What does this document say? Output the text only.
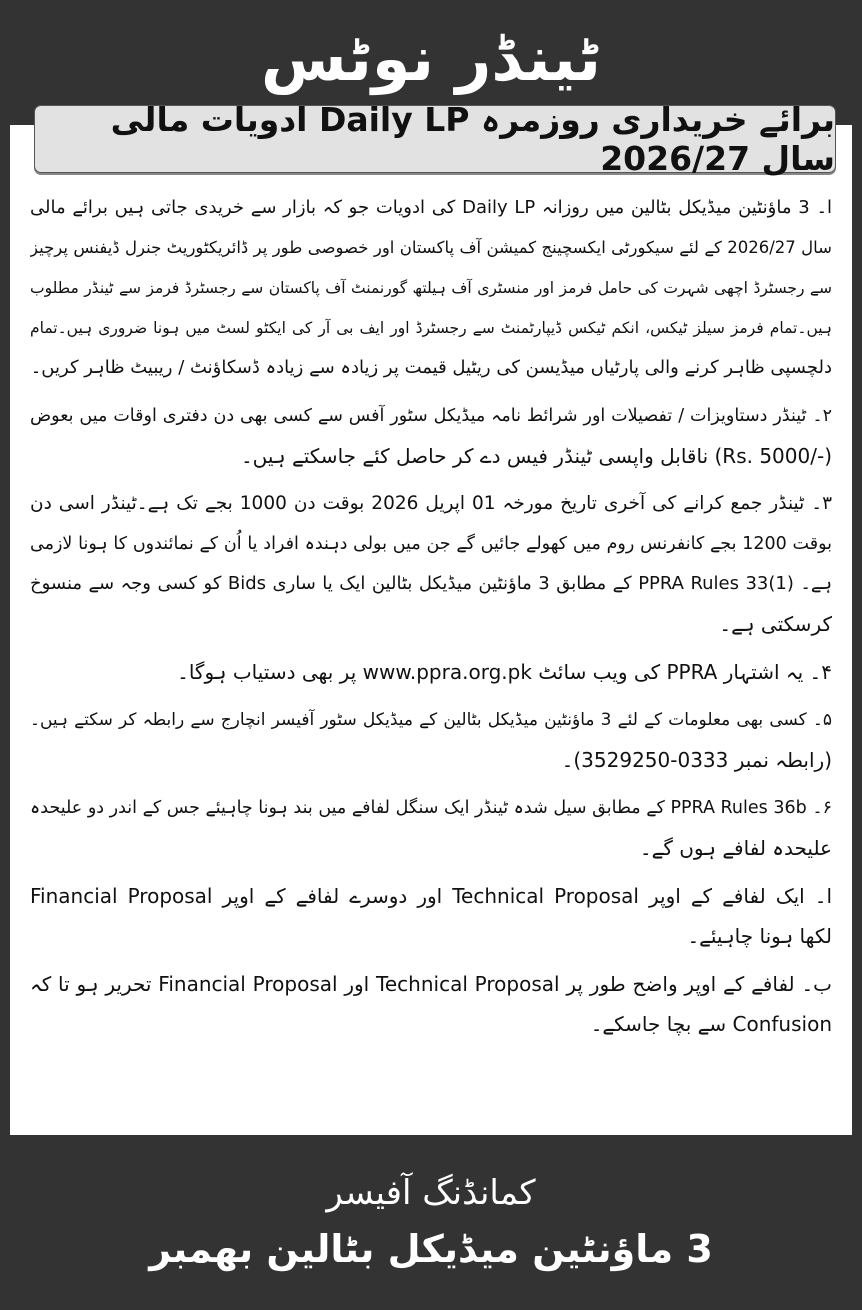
ٹینڈر نوٹس
برائے خریداری روزمرہ Daily LP ادویات مالی سال 2026/27
ا۔ 3 ماؤنٹین میڈیکل بٹالین میں روزانہ Daily LP کی ادویات جو کہ بازار سے خریدی جاتی ہیں برائے مالی
سال 2026/27 کے لئے سیکورٹی ایکسچینج کمیشن آف پاکستان اور خصوصی طور پر ڈائریکٹوریٹ جنرل ڈیفنس پرچیز
سے رجسٹرڈ اچھی شہرت کی حامل فرمز اور منسٹری آف ہیلتھ گورنمنٹ آف پاکستان سے رجسٹرڈ فرمز سے ٹینڈر مطلوب
ہیں۔تمام فرمز سیلز ٹیکس، انکم ٹیکس ڈیپارٹمنٹ سے رجسٹرڈ اور ایف بی آر کی ایکٹو لسٹ میں ہونا ضروری ہیں۔تمام
دلچسپی ظاہر کرنے والی پارٹیاں میڈیسن کی ریٹیل قیمت پر زیادہ سے زیادہ ڈسکاؤنٹ / ریبیٹ ظاہر کریں۔
۲۔ ٹینڈر دستاویزات / تفصیلات اور شرائط نامہ میڈیکل سٹور آفس سے کسی بھی دن دفتری اوقات میں بعوض
⁦(Rs. 5000/-)⁩ ناقابل واپسی ٹینڈر فیس دے کر حاصل کئے جاسکتے ہیں۔
۳۔ ٹینڈر جمع کرانے کی آخری تاریخ مورخہ 01 اپریل 2026 بوقت دن 1000 بجے تک ہے۔ٹینڈر اسی دن
بوقت 1200 بجے کانفرنس روم میں کھولے جائیں گے جن میں بولی دہندہ افراد یا اُن کے نمائندوں کا ہونا لازمی
ہے۔ ⁦PPRA Rules 33(1)⁩ کے مطابق 3 ماؤنٹین میڈیکل بٹالین ایک یا ساری Bids کو کسی وجہ سے منسوخ
کرسکتی ہے۔
۴۔ یہ اشتہار PPRA کی ویب سائٹ www.ppra.org.pk پر بھی دستیاب ہوگا۔
۵۔ کسی بھی معلومات کے لئے 3 ماؤنٹین میڈیکل بٹالین کے میڈیکل سٹور آفیسر انچارج سے رابطہ کر سکتے ہیں۔
(رابطہ نمبر 0333-3529250)۔
۶۔ ⁦PPRA Rules 36b⁩ کے مطابق سیل شدہ ٹینڈر ایک سنگل لفافے میں بند ہونا چاہیئے جس کے اندر دو علیحدہ
علیحدہ لفافے ہوں گے۔
ا۔ ایک لفافے کے اوپر Technical Proposal اور دوسرے لفافے کے اوپر Financial Proposal
لکھا ہونا چاہیئے۔
ب۔ لفافے کے اوپر واضح طور پر Technical Proposal اور Financial Proposal تحریر ہو تا کہ
Confusion سے بچا جاسکے۔
کمانڈنگ آفیسر
3 ماؤنٹین میڈیکل بٹالین بھمبر
